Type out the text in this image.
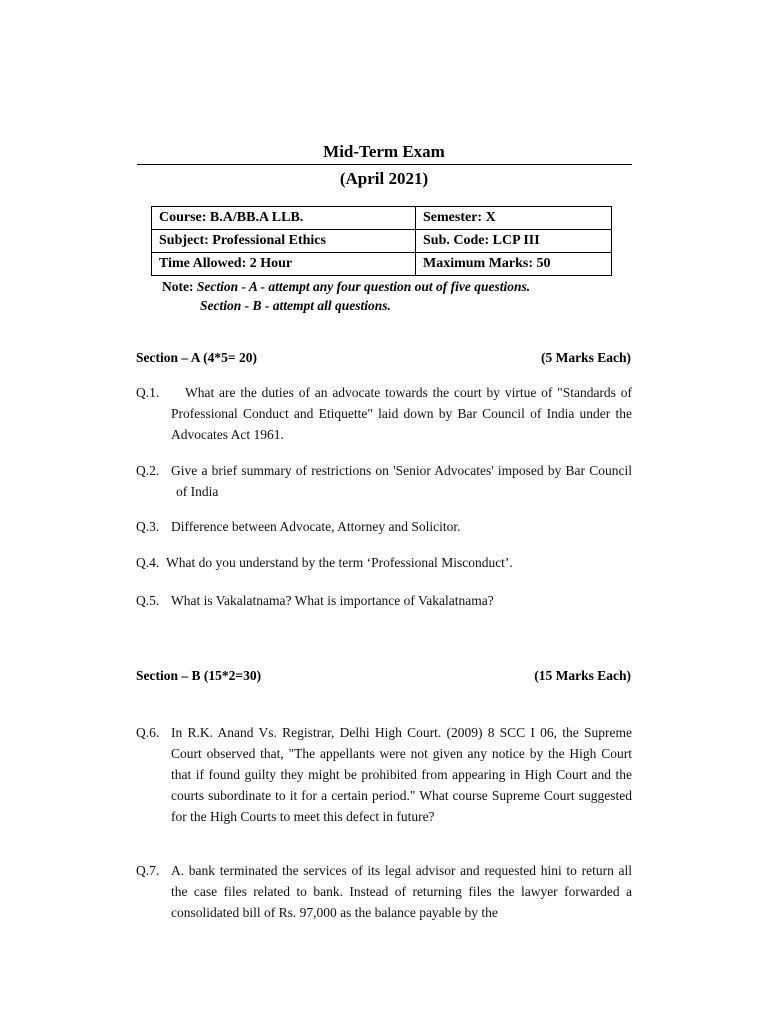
Mid-Term Exam
(April 2021)
Course: B.A/BB.A LLB.	Semester: X
Subject: Professional Ethics	Sub. Code: LCP III
Time Allowed: 2 Hour	Maximum Marks: 50
Note: Section - A - attempt any four question out of five questions.
Section - B - attempt all questions.
Section – A (4*5= 20)	(5 Marks Each)
Q.1.	What are the duties of an advocate towards the court by virtue of "Standards of Professional Conduct and Etiquette" laid down by Bar Council of India under the Advocates Act 1961.
Q.2. Give a brief summary of restrictions on 'Senior Advocates' imposed by Bar Council of India
Q.3. Difference between Advocate, Attorney and Solicitor.
Q.4. What do you understand by the term ‘Professional Misconduct’.
Q.5. What is Vakalatnama? What is importance of Vakalatnama?
Section – B (15*2=30)	(15 Marks Each)
Q.6. In R.K. Anand Vs. Registrar, Delhi High Court. (2009) 8 SCC I 06, the Supreme Court observed that, "The appellants were not given any notice by the High Court that if found guilty they might be prohibited from appearing in High Court and the courts subordinate to it for a certain period." What course Supreme Court suggested for the High Courts to meet this defect in future?
Q.7. A. bank terminated the services of its legal advisor and requested hini to return all the case files related to bank. Instead of returning files the lawyer forwarded a consolidated bill of Rs. 97,000 as the balance payable by the
